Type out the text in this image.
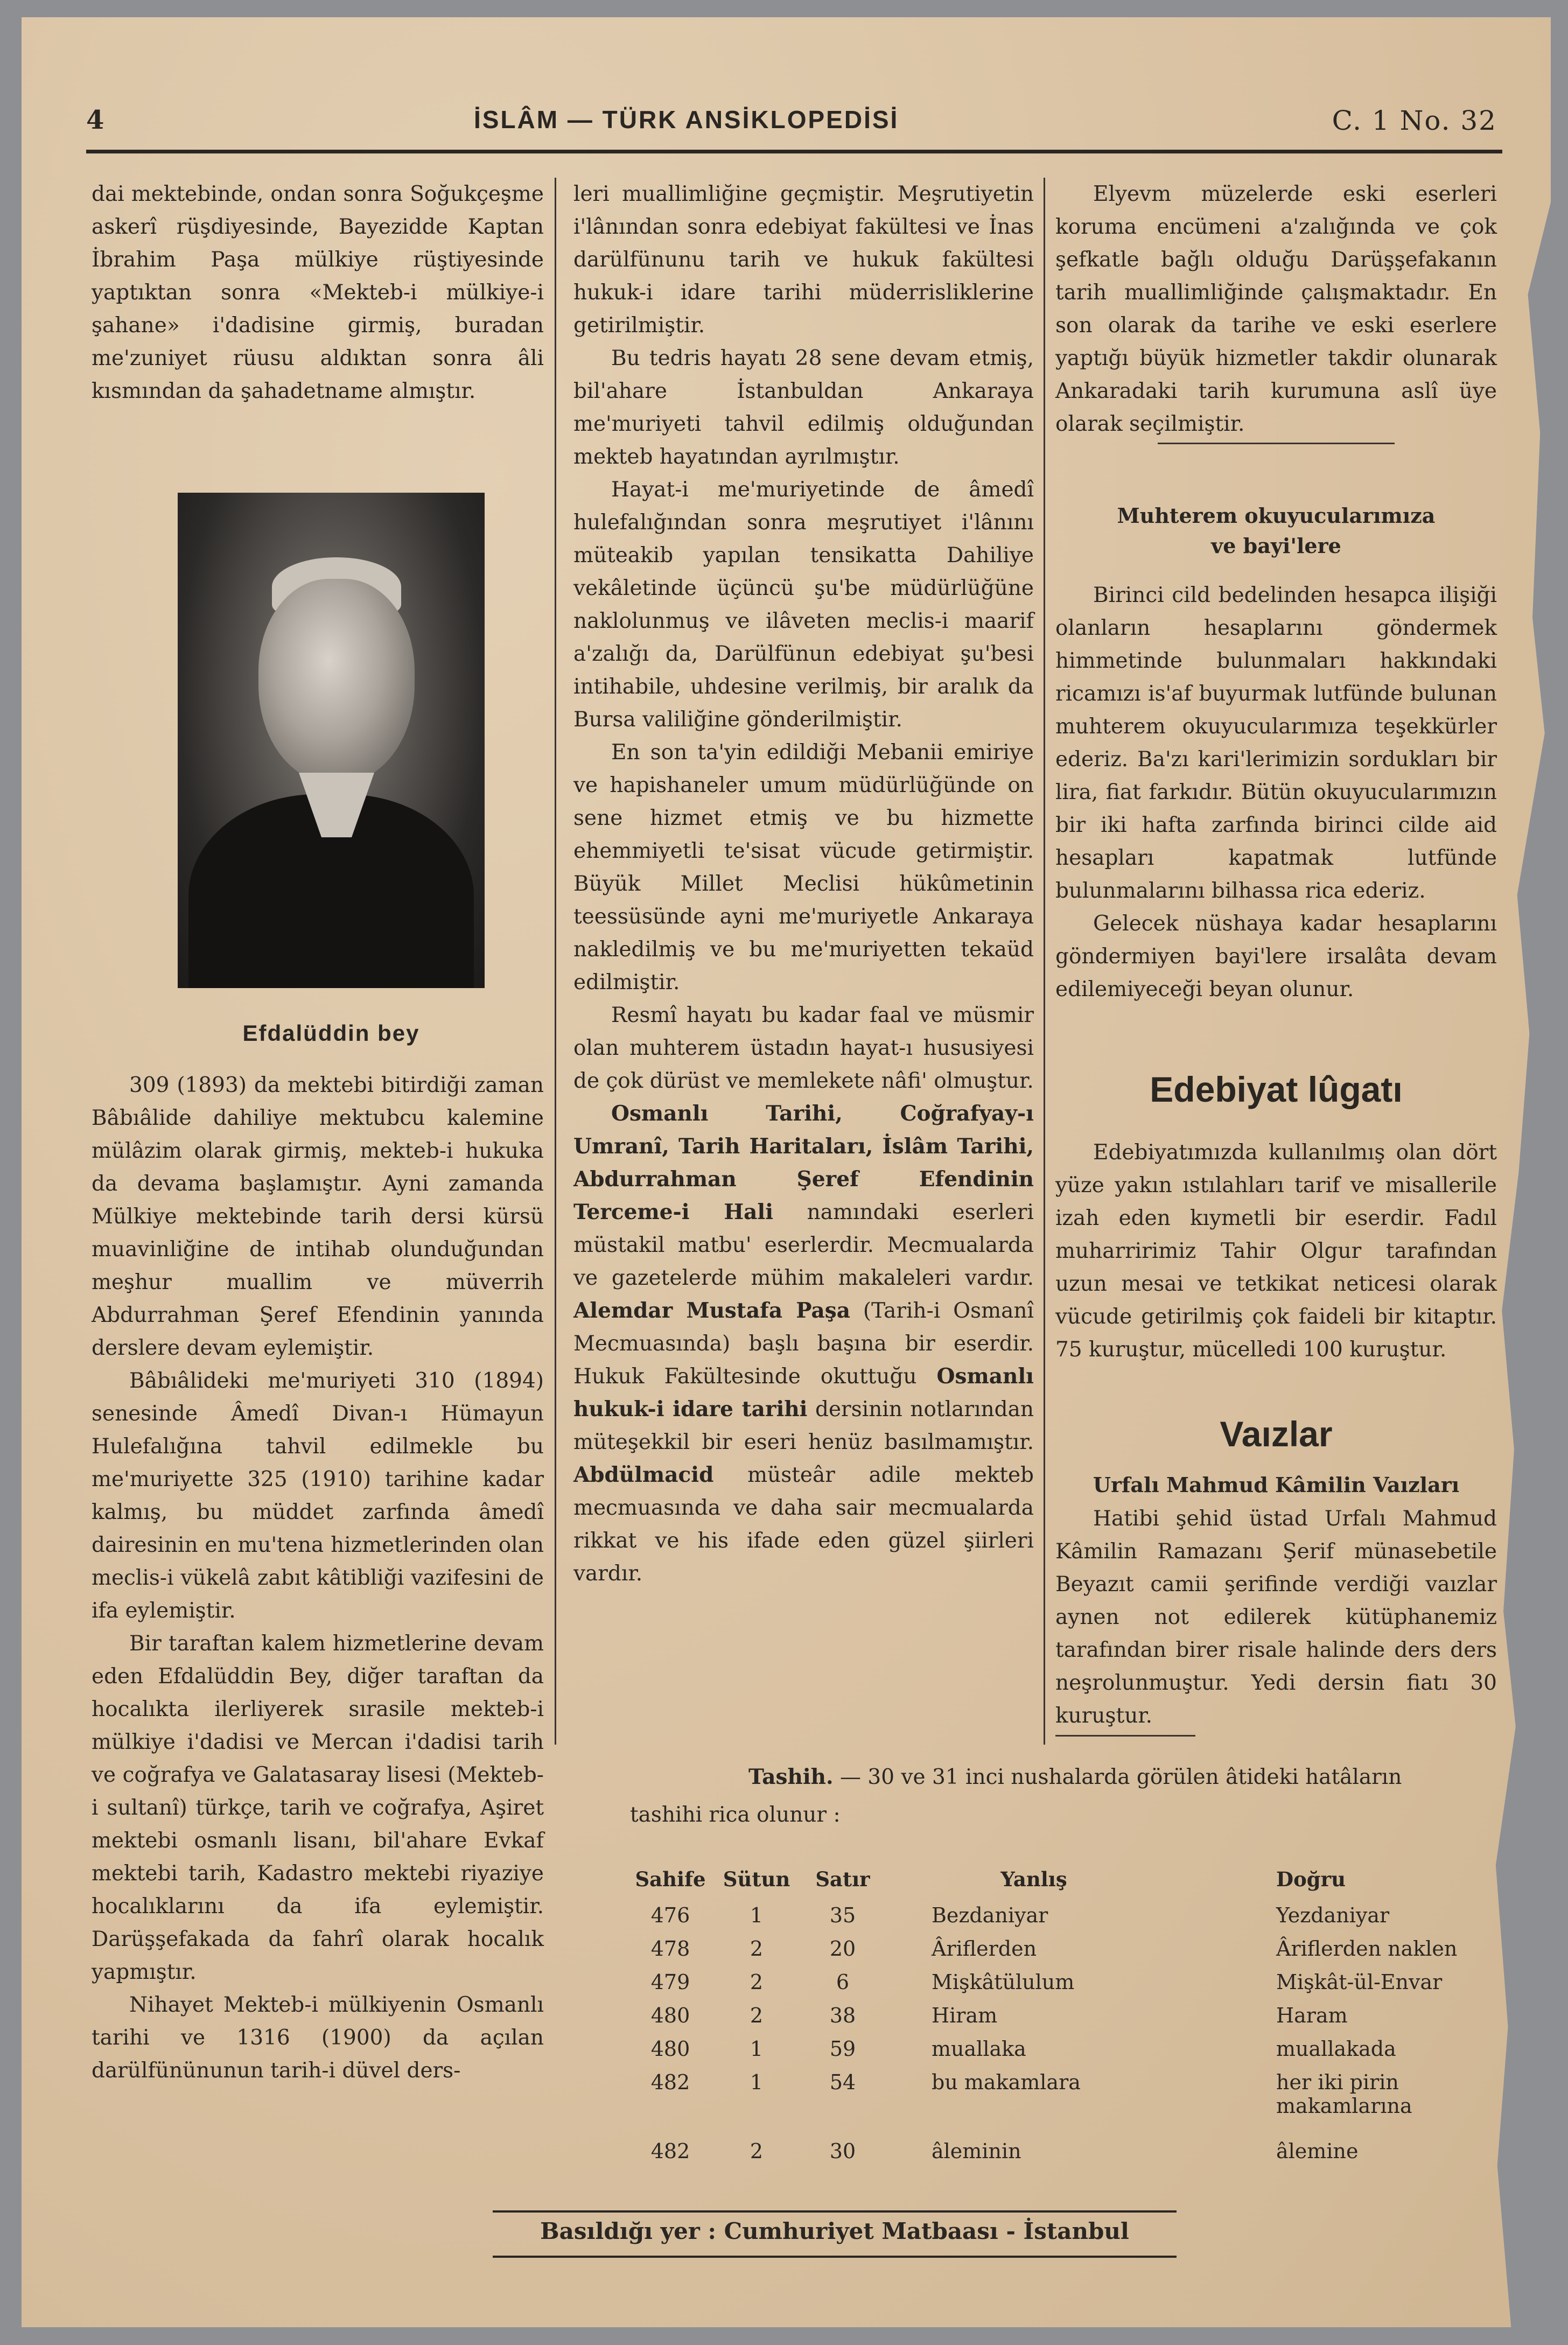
4	İSLÂM — TÜRK ANSİKLOPEDİSİ	C. 1 No. 32

dai mektebinde, ondan sonra Soğukçeşme askerî rüşdiyesinde, Bayezidde Kaptan İbrahim Paşa mülkiye rüştiyesinde yaptıktan sonra «Mekteb-i mülkiye-i şahane» i'dadisine girmiş, buradan me'zuniyet rüusu aldıktan sonra âli kısmından da şahadetname almıştır.

Efdalüddin bey

309 (1893) da mektebi bitirdiği zaman Bâbıâlide dahiliye mektubcu kalemine mülâzim olarak girmiş, mekteb-i hukuka da devama başlamıştır. Ayni zamanda Mülkiye mektebinde tarih dersi kürsü muavinliğine de intihab olunduğundan meşhur muallim ve müverrih Abdurrahman Şeref Efendinin yanında derslere devam eylemiştir.

Bâbıâlideki me'muriyeti 310 (1894) senesinde Âmedî Divan-ı Hümayun Hulefalığına tahvil edilmekle bu me'muriyette 325 (1910) tarihine kadar kalmış, bu müddet zarfında âmedî dairesinin en mu'tena hizmetlerinden olan meclis-i vükelâ zabıt kâtibliği vazifesini de ifa eylemiştir.

Bir taraftan kalem hizmetlerine devam eden Efdalüddin Bey, diğer taraftan da hocalıkta ilerliyerek sırasile mekteb-i mülkiye i'dadisi ve Mercan i'dadisi tarih ve coğrafya ve Galatasaray lisesi (Mekteb-i sultanî) türkçe, tarih ve coğrafya, Aşiret mektebi osmanlı lisanı, bil'ahare Evkaf mektebi tarih, Kadastro mektebi riyaziye hocalıklarını da ifa eylemiştir. Darüşşefakada da fahrî olarak hocalık yapmıştır.

Nihayet Mekteb-i mülkiyenin Osmanlı tarihi ve 1316 (1900) da açılan darülfününunun tarih-i düvel ders-

leri muallimliğine geçmiştir. Meşrutiyetin i'lânından sonra edebiyat fakültesi ve İnas darülfünunu tarih ve hukuk fakültesi hukuk-i idare tarihi müderrisliklerine getirilmiştir.

Bu tedris hayatı 28 sene devam etmiş, bil'ahare İstanbuldan Ankaraya me'muriyeti tahvil edilmiş olduğundan mekteb hayatından ayrılmıştır.

Hayat-i me'muriyetinde de âmedî hulefalığından sonra meşrutiyet i'lânını müteakib yapılan tensikatta Dahiliye vekâletinde üçüncü şu'be müdürlüğüne naklolunmuş ve ilâveten meclis-i maarif a'zalığı da, Darülfünun edebiyat şu'besi intihabile, uhdesine verilmiş, bir aralık da Bursa valiliğine gönderilmiştir.

En son ta'yin edildiği Mebanii emiriye ve hapishaneler umum müdürlüğünde on sene hizmet etmiş ve bu hizmette ehemmiyetli te'sisat vücude getirmiştir. Büyük Millet Meclisi hükûmetinin teessüsünde ayni me'muriyetle Ankaraya nakledilmiş ve bu me'muriyetten tekaüd edilmiştir.

Resmî hayatı bu kadar faal ve müsmir olan muhterem üstadın hayat-ı hususiyesi de çok dürüst ve memlekete nâfi' olmuştur.

Osmanlı Tarihi, Coğrafyay-ı Umranî, Tarih Haritaları, İslâm Tarihi, Abdurrahman Şeref Efendinin Terceme-i Hali namındaki eserleri müstakil matbu' eserlerdir. Mecmualarda ve gazetelerde mühim makaleleri vardır. Alemdar Mustafa Paşa (Tarih-i Osmanî Mecmuasında) başlı başına bir eserdir. Hukuk Fakültesinde okuttuğu Osmanlı hukuk-i idare tarihi dersinin notlarından müteşekkil bir eseri henüz basılmamıştır. Abdülmacid müsteâr adile mekteb mecmuasında ve daha sair mecmualarda rikkat ve his ifade eden güzel şiirleri vardır.

Elyevm müzelerde eski eserleri koruma encümeni a'zalığında ve çok şefkatle bağlı olduğu Darüşşefakanın tarih muallimliğinde çalışmaktadır. En son olarak da tarihe ve eski eserlere yaptığı büyük hizmetler takdir olunarak Ankaradaki tarih kurumuna aslî üye olarak seçilmiştir.

Muhterem okuyucularımıza
ve bayi'lere

Birinci cild bedelinden hesapca ilişiği olanların hesaplarını göndermek himmetinde bulunmaları hakkındaki ricamızı is'af buyurmak lutfünde bulunan muhterem okuyucularımıza teşekkürler ederiz. Ba'zı kari'lerimizin sordukları bir lira, fiat farkıdır. Bütün okuyucularımızın bir iki hafta zarfında birinci cilde aid hesapları kapatmak lutfünde bulunmalarını bilhassa rica ederiz.

Gelecek nüshaya kadar hesaplarını göndermiyen bayi'lere irsalâta devam edilemiyeceği beyan olunur.

Edebiyat lûgatı

Edebiyatımızda kullanılmış olan dört yüze yakın ıstılahları tarif ve misallerile izah eden kıymetli bir eserdir. Fadıl muharririmiz Tahir Olgur tarafından uzun mesai ve tetkikat neticesi olarak vücude getirilmiş çok faideli bir kitaptır. 75 kuruştur, mücelledi 100 kuruştur.

Vaızlar
Urfalı Mahmud Kâmilin Vaızları

Hatibi şehid üstad Urfalı Mahmud Kâmilin Ramazanı Şerif münasebetile Beyazıt camii şerifinde verdiği vaızlar aynen not edilerek kütüphanemiz tarafından birer risale halinde ders ders neşrolunmuştur. Yedi dersin fiatı 30 kuruştur.

Tashih. — 30 ve 31 inci nushalarda görülen âtideki hatâların tashihi rica olunur :
Sahife	Sütun	Satır	Yanlış	Doğru
476	1	35	Bezdaniyar	Yezdaniyar
478	2	20	Âriflerden	Âriflerden naklen
479	2	6	Mişkâtülulum	Mişkât-ül-Envar
480	2	38	Hiram	Haram
480	1	59	muallaka	muallakada
482	1	54	bu makamlara	her iki pirin makamlarına
482	2	30	âleminin	âlemine
Basıldığı yer : Cumhuriyet Matbaası - İstanbul
